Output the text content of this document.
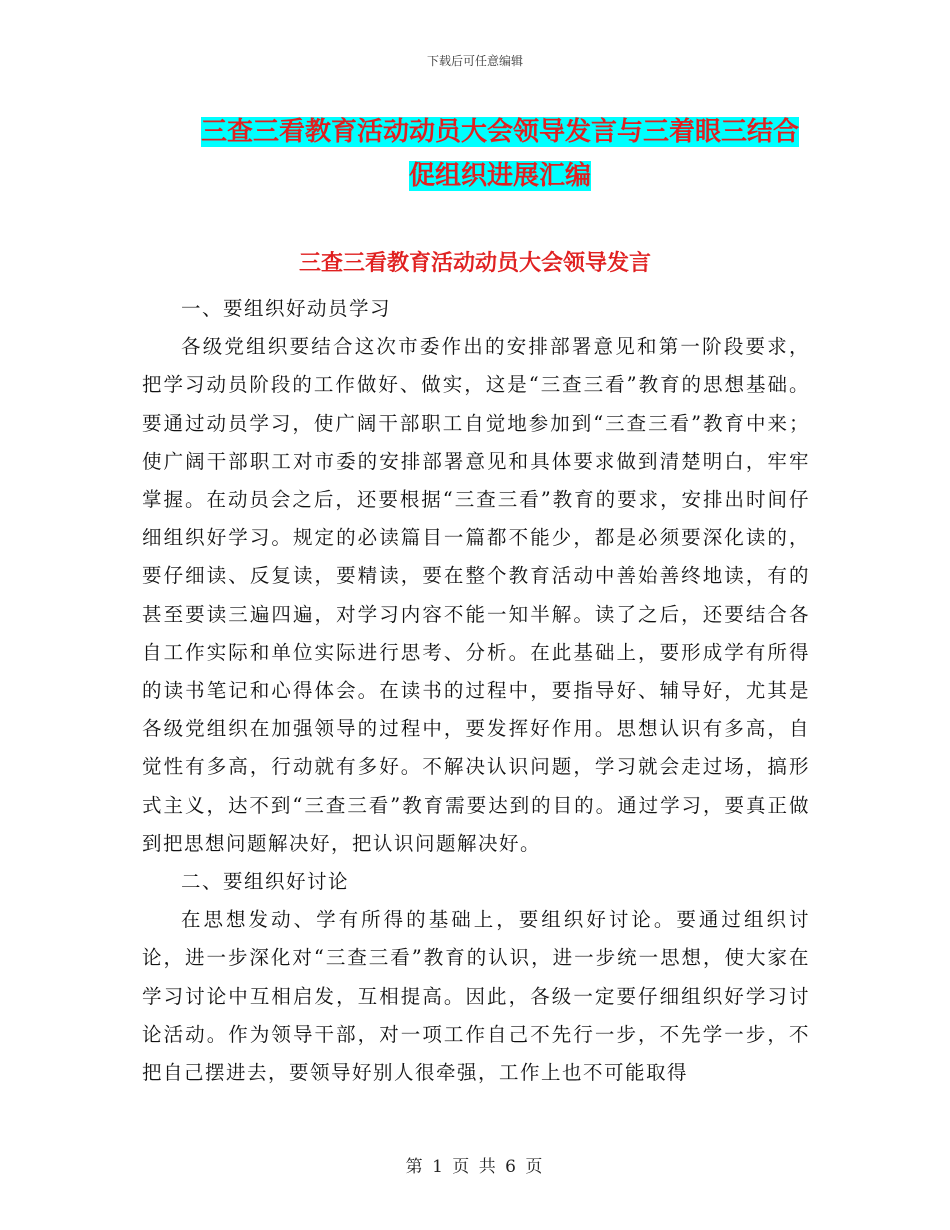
下载后可任意编辑
三查三看教育活动动员大会领导发言与三着眼三结合
促组织进展汇编
三查三看教育活动动员大会领导发言

一、要组织好动员学习

各级党组织要结合这次市委作出的安排部署意见和第一阶段要求，把学习动员阶段的工作做好、做实，这是“三查三看”教育的思想基础。要通过动员学习，使广阔干部职工自觉地参加到“三查三看”教育中来；使广阔干部职工对市委的安排部署意见和具体要求做到清楚明白，牢牢掌握。在动员会之后，还要根据“三查三看”教育的要求，安排出时间仔细组织好学习。规定的必读篇目一篇都不能少，都是必须要深化读的，要仔细读、反复读，要精读，要在整个教育活动中善始善终地读，有的甚至要读三遍四遍，对学习内容不能一知半解。读了之后，还要结合各自工作实际和单位实际进行思考、分析。在此基础上，要形成学有所得的读书笔记和心得体会。在读书的过程中，要指导好、辅导好，尤其是各级党组织在加强领导的过程中，要发挥好作用。思想认识有多高，自觉性有多高，行动就有多好。不解决认识问题，学习就会走过场，搞形式主义，达不到“三查三看”教育需要达到的目的。通过学习，要真正做到把思想问题解决好，把认识问题解决好。

二、要组织好讨论

在思想发动、学有所得的基础上，要组织好讨论。要通过组织讨论，进一步深化对“三查三看”教育的认识，进一步统一思想，使大家在学习讨论中互相启发，互相提高。因此，各级一定要仔细组织好学习讨论活动。作为领导干部，对一项工作自己不先行一步，不先学一步，不把自己摆进去，要领导好别人很牵强，工作上也不可能取得

第 1 页 共 6 页
